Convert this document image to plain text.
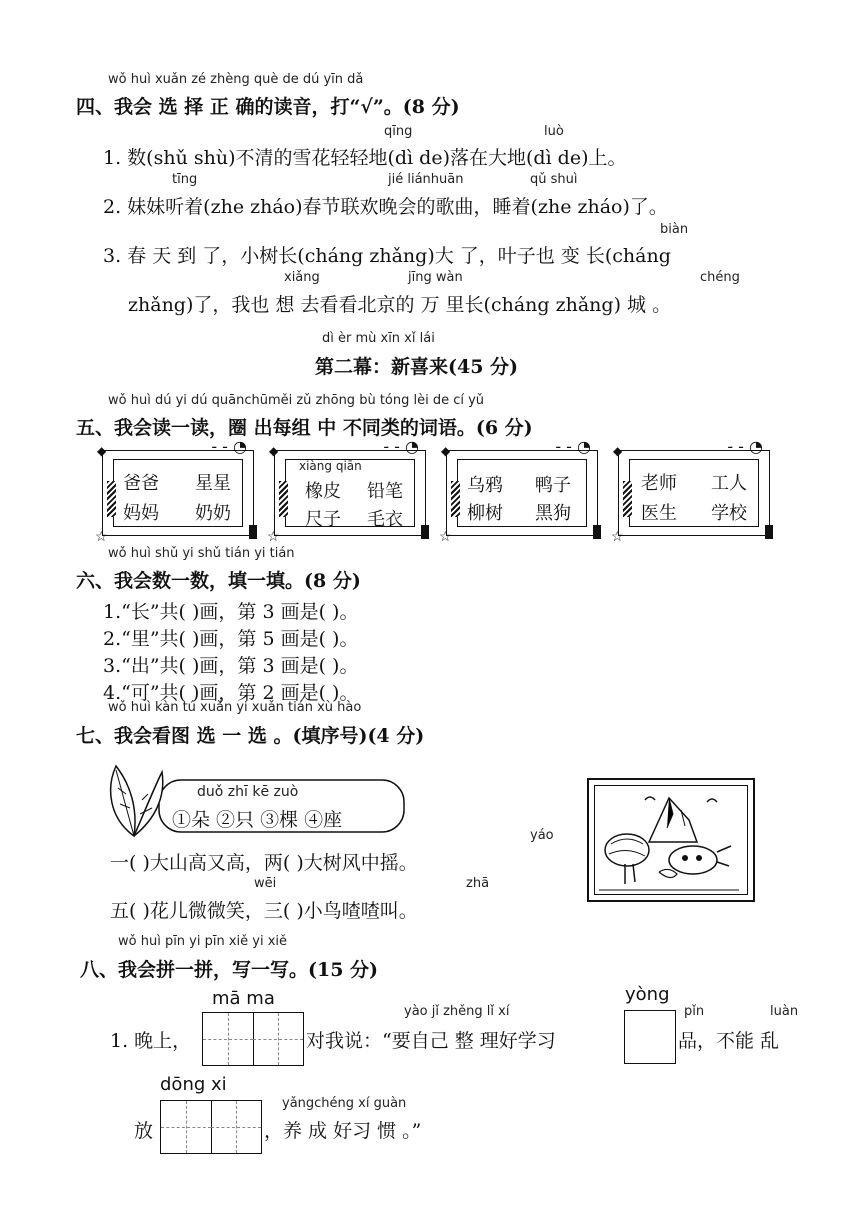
wǒ huì xuǎn zé zhèng què de dú yīn dǎ
四、我会 选 择 正 确的读音，打“√”。(8 分)
qīng	luò
1. 数(shǔ shù)不清的雪花轻轻地(dì de)落在大地(dì de)上。
tīng	jié liánhuān	qǔ shuì
2. 妹妹听着(zhe zháo)春节联欢晚会的歌曲，睡着(zhe zháo)了。
biàn
3. 春 天 到 了，小树长(cháng zhǎng)大 了，叶子也 变 长(cháng
xiǎng	jīng wàn	chéng
zhǎng)了，我也 想 去看看北京的 万 里长(cháng zhǎng) 城 。
dì èr mù xīn xǐ lái
第二幕：新喜来(45 分)
wǒ huì dú yi dú quānchūměi zǔ zhōng bù tóng lèi de cí yǔ
五、我会读一读，圈 出每组 中 不同类的词语。(6 分)
◆
☆
- - ◔
爸爸 星星
妈妈 奶奶
◆
☆
- - ◔
xiàng qiān
橡皮 铅笔
尺子 毛衣
◆
☆
- - ◔
乌鸦 鸭子
柳树 黑狗
◆
☆
- - ◔
老师 工人
医生 学校
wǒ huì shǔ yi shǔ tián yi tián
六、我会数一数，填一填。(8 分)
1.“长”共( )画，第 3 画是( )。
2.“里”共( )画，第 5 画是( )。
3.“出”共( )画，第 3 画是( )。
4.“可”共( )画，第 2 画是( )。
wǒ huì kàn tú xuǎn yi xuǎn tián xù hào
七、我会看图 选 一 选 。(填序号)(4 分)
duǒ zhī kē zuò
①朵 ②只 ③棵 ④座
yáo
一( )大山高又高，两( )大树风中摇。
wēi	zhā
五( )花儿微微笑，三( )小鸟喳喳叫。
wǒ huì pīn yi pīn xiě yi xiě
八、我会拼一拼，写一写。(15 分)
mā ma	yòng
yào jǐ zhěng lǐ xí	pǐn	luàn
1. 晚上，	对我说：“要自己 整 理好学习	品，不能 乱
dōng xi
yǎngchéng xí guàn
放	，养 成 好习 惯 。”
